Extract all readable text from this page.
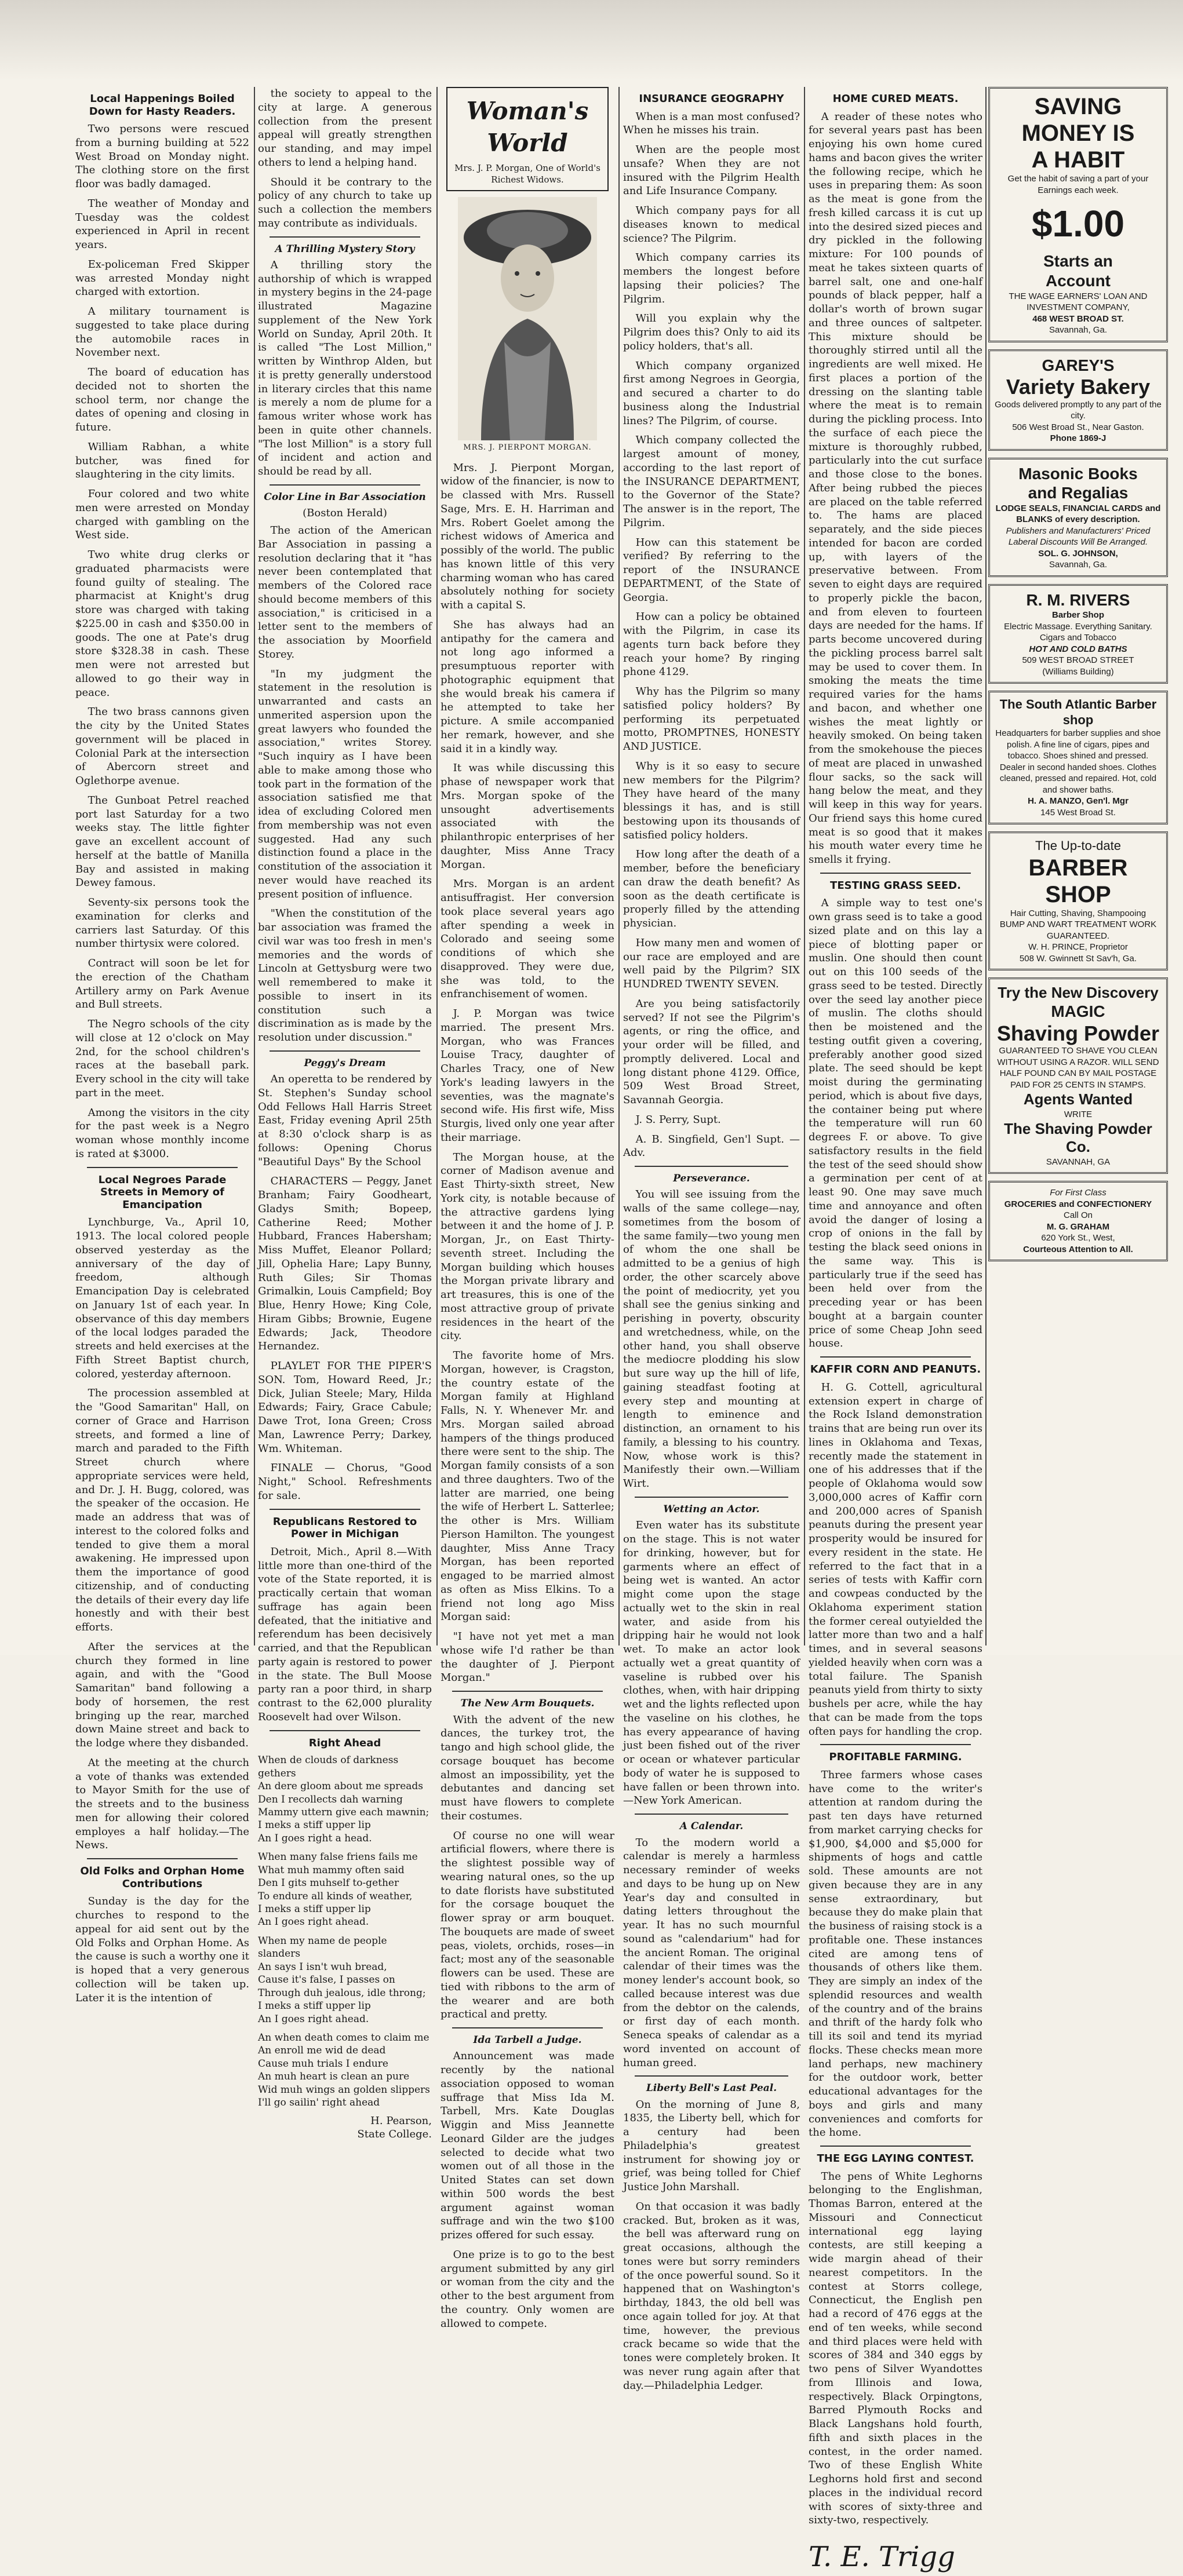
Local Happenings Boiled Down for Hasty Readers.

Two persons were rescued from a burning building at 522 West Broad on Monday night. The clothing store on the first floor was badly damaged.

The weather of Monday and Tuesday was the coldest experienced in April in recent years.

Ex-policeman Fred Skipper was arrested Monday night charged with extortion.

A military tournament is suggested to take place during the automobile races in November next.

The board of education has decided not to shorten the school term, nor change the dates of opening and closing in future.

William Rabhan, a white butcher, was fined for slaughtering in the city limits.

Four colored and two white men were arrested on Monday charged with gambling on the West side.

Two white drug clerks or graduated pharmacists were found guilty of stealing. The pharmacist at Knight's drug store was charged with taking $225.00 in cash and $350.00 in goods. The one at Pate's drug store $328.38 in cash. These men were not arrested but allowed to go their way in peace.

The two brass cannons given the city by the United States government will be placed in Colonial Park at the intersection of Abercorn street and Oglethorpe avenue.

The Gunboat Petrel reached port last Saturday for a two weeks stay. The little fighter gave an excellent account of herself at the battle of Manilla Bay and assisted in making Dewey famous.

Seventy-six persons took the examination for clerks and carriers last Saturday. Of this number thirtysix were colored.

Contract will soon be let for the erection of the Chatham Artillery army on Park Avenue and Bull streets.

The Negro schools of the city will close at 12 o'clock on May 2nd, for the school children's races at the baseball park. Every school in the city will take part in the meet.

Among the visitors in the city for the past week is a Negro woman whose monthly income is rated at $3000.

Local Negroes Parade Streets in Memory of Emancipation

Lynchburge, Va., April 10, 1913. The local colored people observed yesterday as the anniversary of the day of freedom, although Emancipation Day is celebrated on January 1st of each year. In observance of this day members of the local lodges paraded the streets and held exercises at the Fifth Street Baptist church, colored, yesterday afternoon.

The procession assembled at the "Good Samaritan" Hall, on corner of Grace and Harrison streets, and formed a line of march and paraded to the Fifth Street church where appropriate services were held, and Dr. J. H. Bugg, colored, was the speaker of the occasion. He made an address that was of interest to the colored folks and tended to give them a moral awakening. He impressed upon them the importance of good citizenship, and of conducting the details of their every day life honestly and with their best efforts.

After the services at the church they formed in line again, and with the "Good Samaritan" band following a body of horsemen, the rest bringing up the rear, marched down Maine street and back to the lodge where they disbanded.

At the meeting at the church a vote of thanks was extended to Mayor Smith for the use of the streets and to the business men for allowing their colored employes a half holiday.—The News.

Old Folks and Orphan Home Contributions

Sunday is the day for the churches to respond to the appeal for aid sent out by the Old Folks and Orphan Home. As the cause is such a worthy one it is hoped that a very generous collection will be taken up. Later it is the intention of

the society to appeal to the city at large. A generous collection from the present appeal will greatly strengthen our standing, and may impel others to lend a helping hand.

Should it be contrary to the policy of any church to take up such a collection the members may contribute as individuals.

A Thrilling Mystery Story

A thrilling story the authorship of which is wrapped in mystery begins in the 24-page illustrated Magazine supplement of the New York World on Sunday, April 20th. It is called "The Lost Million," written by Winthrop Alden, but it is pretty generally understood in literary circles that this name is merely a nom de plume for a famous writer whose work has been in quite other channels. "The lost Million" is a story full of incident and action and should be read by all.

Color Line in Bar Association
(Boston Herald)

The action of the American Bar Association in passing a resolution declaring that it "has never been contemplated that members of the Colored race should become members of this association," is criticised in a letter sent to the members of the association by Moorfield Storey.

"In my judgment the statement in the resolution is unwarranted and casts an unmerited aspersion upon the great lawyers who founded the association," writes Storey. "Such inquiry as I have been able to make among those who took part in the formation of the association satisfied me that idea of excluding Colored men from membership was not even suggested. Had any such distinction found a place in the constitution of the association it never would have reached its present position of influence.

"When the constitution of the bar association was framed the civil war was too fresh in men's memories and the words of Lincoln at Gettysburg were two well remembered to make it possible to insert in its constitution such a discrimination as is made by the resolution under discussion."

Peggy's Dream

An operetta to be rendered by St. Stephen's Sunday school Odd Fellows Hall Harris Street East, Friday evening April 25th at 8:30 o'clock sharp is as follows: Opening Chorus "Beautiful Days" By the School

CHARACTERS — Peggy, Janet Branham; Fairy Goodheart, Gladys Smith; Bopeep, Catherine Reed; Mother Hubbard, Frances Habersham; Miss Muffet, Eleanor Pollard; Jill, Ophelia Hare; Lapy Bunny, Ruth Giles; Sir Thomas Grimalkin, Louis Campfield; Boy Blue, Henry Howe; King Cole, Hiram Gibbs; Brownie, Eugene Edwards; Jack, Theodore Hernandez.

PLAYLET FOR THE PIPER'S SON. Tom, Howard Reed, Jr.; Dick, Julian Steele; Mary, Hilda Edwards; Fairy, Grace Cabule; Dawe Trot, Iona Green; Cross Man, Lawrence Perry; Darkey, Wm. Whiteman.

FINALE — Chorus, "Good Night," School. Refreshments for sale.

Republicans Restored to Power in Michigan

Detroit, Mich., April 8.—With little more than one-third of the vote of the State reported, it is practically certain that woman suffrage has again been defeated, that the initiative and referendum has been decisively carried, and that the Republican party again is restored to power in the state. The Bull Moose party ran a poor third, in sharp contrast to the 62,000 plurality Roosevelt had over Wilson.

Right Ahead
When de clouds of darkness gethers
An dere gloom about me spreads
Den I recollects dah warning
Mammy uttern give each mawnin;
I meks a stiff upper lip
An I goes right a head.
When many false friens fails me
What muh mammy often said
Den I gits muhself to-gether
To endure all kinds of weather,
I meks a stiff upper lip
An I goes right ahead.
When my name de people slanders
An says I isn't wuh bread,
Cause it's false, I passes on
Through duh jealous, idle throng;
I meks a stiff upper lip
An I goes right ahead.
An when death comes to claim me
An enroll me wid de dead
Cause muh trials I endure
An muh heart is clean an pure
Wid muh wings an golden slippers
I'll go sailin' right ahead
H. Pearson,
State College.
Woman's World
Mrs. J. P. Morgan, One of World's Richest Widows.
MRS. J. PIERPONT MORGAN.

Mrs. J. Pierpont Morgan, widow of the financier, is now to be classed with Mrs. Russell Sage, Mrs. E. H. Harriman and Mrs. Robert Goelet among the richest widows of America and possibly of the world. The public has known little of this very charming woman who has cared absolutely nothing for society with a capital S.

She has always had an antipathy for the camera and not long ago informed a presumptuous reporter with photographic equipment that she would break his camera if he attempted to take her picture. A smile accompanied her remark, however, and she said it in a kindly way.

It was while discussing this phase of newspaper work that Mrs. Morgan spoke of the unsought advertisements associated with the philanthropic enterprises of her daughter, Miss Anne Tracy Morgan.

Mrs. Morgan is an ardent antisuffragist. Her conversion took place several years ago after spending a week in Colorado and seeing some conditions of which she disapproved. They were due, she was told, to the enfranchisement of women.

J. P. Morgan was twice married. The present Mrs. Morgan, who was Frances Louise Tracy, daughter of Charles Tracy, one of New York's leading lawyers in the seventies, was the magnate's second wife. His first wife, Miss Sturgis, lived only one year after their marriage.

The Morgan house, at the corner of Madison avenue and East Thirty-sixth street, New York city, is notable because of the attractive gardens lying between it and the home of J. P. Morgan, Jr., on East Thirty-seventh street. Including the Morgan building which houses the Morgan private library and art treasures, this is one of the most attractive group of private residences in the heart of the city.

The favorite home of Mrs. Morgan, however, is Cragston, the country estate of the Morgan family at Highland Falls, N. Y. Whenever Mr. and Mrs. Morgan sailed abroad hampers of the things produced there were sent to the ship. The Morgan family consists of a son and three daughters. Two of the latter are married, one being the wife of Herbert L. Satterlee; the other is Mrs. William Pierson Hamilton. The youngest daughter, Miss Anne Tracy Morgan, has been reported engaged to be married almost as often as Miss Elkins. To a friend not long ago Miss Morgan said:

"I have not yet met a man whose wife I'd rather be than the daughter of J. Pierpont Morgan."

The New Arm Bouquets.

With the advent of the new dances, the turkey trot, the tango and high school glide, the corsage bouquet has become almost an impossibility, yet the debutantes and dancing set must have flowers to complete their costumes.

Of course no one will wear artificial flowers, where there is the slightest possible way of wearing natural ones, so the up to date florists have substituted for the corsage bouquet the flower spray or arm bouquet. The bouquets are made of sweet peas, violets, orchids, roses—in fact; most any of the seasonable flowers can be used. These are tied with ribbons to the arm of the wearer and are both practical and pretty.

Ida Tarbell a Judge.

Announcement was made recently by the national association opposed to woman suffrage that Miss Ida M. Tarbell, Mrs. Kate Douglas Wiggin and Miss Jeannette Leonard Gilder are the judges selected to decide what two women out of all those in the United States can set down within 500 words the best argument against woman suffrage and win the two $100 prizes offered for such essay.

One prize is to go to the best argument submitted by any girl or woman from the city and the other to the best argument from the country. Only women are allowed to compete.

INSURANCE GEOGRAPHY

When is a man most confused? When he misses his train.

When are the people most unsafe? When they are not insured with the Pilgrim Health and Life Insurance Company.

Which company pays for all diseases known to medical science? The Pilgrim.

Which company carries its members the longest before lapsing their policies? The Pilgrim.

Will you explain why the Pilgrim does this? Only to aid its policy holders, that's all.

Which company organized first among Negroes in Georgia, and secured a charter to do business along the Industrial lines? The Pilgrim, of course.

Which company collected the largest amount of money, according to the last report of the INSURANCE DEPARTMENT, to the Governor of the State? The answer is in the report, The Pilgrim.

How can this statement be verified? By referring to the report of the INSURANCE DEPARTMENT, of the State of Georgia.

How can a policy be obtained with the Pilgrim, in case its agents turn back before they reach your home? By ringing phone 4129.

Why has the Pilgrim so many satisfied policy holders? By performing its perpetuated motto, PROMPTNES, HONESTY AND JUSTICE.

Why is it so easy to secure new members for the Pilgrim? They have heard of the many blessings it has, and is still bestowing upon its thousands of satisfied policy holders.

How long after the death of a member, before the beneficiary can draw the death benefit? As soon as the death certificate is properly filled by the attending physician.

How many men and women of our race are employed and are well paid by the Pilgrim? SIX HUNDRED TWENTY SEVEN.

Are you being satisfactorily served? If not see the Pilgrim's agents, or ring the office, and your order will be filled, and promptly delivered. Local and long distant phone 4129. Office, 509 West Broad Street, Savannah Georgia.

J. S. Perry, Supt.

A. B. Singfield, Gen'l Supt. —Adv.

Perseverance.

You will see issuing from the walls of the same college—nay, sometimes from the bosom of the same family—two young men of whom the one shall be admitted to be a genius of high order, the other scarcely above the point of mediocrity, yet you shall see the genius sinking and perishing in poverty, obscurity and wretchedness, while, on the other hand, you shall observe the mediocre plodding his slow but sure way up the hill of life, gaining steadfast footing at every step and mounting at length to eminence and distinction, an ornament to his family, a blessing to his country. Now, whose work is this? Manifestly their own.—William Wirt.

Wetting an Actor.

Even water has its substitute on the stage. This is not water for drinking, however, but for garments where an effect of being wet is wanted. An actor might come upon the stage actually wet to the skin in real water, and aside from his dripping hair he would not look wet. To make an actor look actually wet a great quantity of vaseline is rubbed over his clothes, when, with hair dripping wet and the lights reflected upon the vaseline on his clothes, he has every appearance of having just been fished out of the river or ocean or whatever particular body of water he is supposed to have fallen or been thrown into.—New York American.

A Calendar.

To the modern world a calendar is merely a harmless necessary reminder of weeks and days to be hung up on New Year's day and consulted in dating letters throughout the year. It has no such mournful sound as "calendarium" had for the ancient Roman. The original calendar of their times was the money lender's account book, so called because interest was due from the debtor on the calends, or first day of each month. Seneca speaks of calendar as a word invented on account of human greed.

Liberty Bell's Last Peal.

On the morning of June 8, 1835, the Liberty bell, which for a century had been Philadelphia's greatest instrument for showing joy or grief, was being tolled for Chief Justice John Marshall.

On that occasion it was badly cracked. But, broken as it was, the bell was afterward rung on great occasions, although the tones were but sorry reminders of the once powerful sound. So it happened that on Washington's birthday, 1843, the old bell was once again tolled for joy. At that time, however, the previous crack became so wide that the tones were completely broken. It was never rung again after that day.—Philadelphia Ledger.

HOME CURED MEATS.

A reader of these notes who for several years past has been enjoying his own home cured hams and bacon gives the writer the following recipe, which he uses in preparing them: As soon as the meat is gone from the fresh killed carcass it is cut up into the desired sized pieces and dry pickled in the following mixture: For 100 pounds of meat he takes sixteen quarts of barrel salt, one and one-half pounds of black pepper, half a dollar's worth of brown sugar and three ounces of saltpeter. This mixture should be thoroughly stirred until all the ingredients are well mixed. He first places a portion of the dressing on the slanting table where the meat is to remain during the pickling process. Into the surface of each piece the mixture is thoroughly rubbed, particularly into the cut surface and those close to the bones. After being rubbed the pieces are placed on the table referred to. The hams are placed separately, and the side pieces intended for bacon are corded up, with layers of the preservative between. From seven to eight days are required to properly pickle the bacon, and from eleven to fourteen days are needed for the hams. If parts become uncovered during the pickling process barrel salt may be used to cover them. In smoking the meats the time required varies for the hams and bacon, and whether one wishes the meat lightly or heavily smoked. On being taken from the smokehouse the pieces of meat are placed in unwashed flour sacks, so the sack will hang below the meat, and they will keep in this way for years. Our friend says this home cured meat is so good that it makes his mouth water every time he smells it frying.

TESTING GRASS SEED.

A simple way to test one's own grass seed is to take a good sized plate and on this lay a piece of blotting paper or muslin. One should then count out on this 100 seeds of the grass seed to be tested. Directly over the seed lay another piece of muslin. The cloths should then be moistened and the testing outfit given a covering, preferably another good sized plate. The seed should be kept moist during the germinating period, which is about five days, the container being put where the temperature will run 60 degrees F. or above. To give satisfactory results in the field the test of the seed should show a germination per cent of at least 90. One may save much time and annoyance and often avoid the danger of losing a crop of onions in the fall by testing the black seed onions in the same way. This is particularly true if the seed has been held over from the preceding year or has been bought at a bargain counter price of some Cheap John seed house.

KAFFIR CORN AND PEANUTS.

H. G. Cottell, agricultural extension expert in charge of the Rock Island demonstration trains that are being run over its lines in Oklahoma and Texas, recently made the statement in one of his addresses that if the people of Oklahoma would sow 3,000,000 acres of Kaffir corn and 200,000 acres of Spanish peanuts during the present year prosperity would be insured for every resident in the state. He referred to the fact that in a series of tests with Kaffir corn and cowpeas conducted by the Oklahoma experiment station the former cereal outyielded the latter more than two and a half times, and in several seasons yielded heavily when corn was a total failure. The Spanish peanuts yield from thirty to sixty bushels per acre, while the hay that can be made from the tops often pays for handling the crop.

PROFITABLE FARMING.

Three farmers whose cases have come to the writer's attention at random during the past ten days have returned from market carrying checks for $1,900, $4,000 and $5,000 for shipments of hogs and cattle sold. These amounts are not given because they are in any sense extraordinary, but because they do make plain that the business of raising stock is a profitable one. These instances cited are among tens of thousands of others like them. They are simply an index of the splendid resources and wealth of the country and of the brains and thrift of the hardy folk who till its soil and tend its myriad flocks. These checks mean more land perhaps, new machinery for the outdoor work, better educational advantages for the boys and girls and many conveniences and comforts for the home.

THE EGG LAYING CONTEST.

The pens of White Leghorns belonging to the Englishman, Thomas Barron, entered at the Missouri and Connecticut international egg laying contests, are still keeping a wide margin ahead of their nearest competitors. In the contest at Storrs college, Connecticut, the English pen had a record of 476 eggs at the end of ten weeks, while second and third places were held with scores of 384 and 340 eggs by two pens of Silver Wyandottes from Illinois and Iowa, respectively. Black Orpingtons, Barred Plymouth Rocks and Black Langshans hold fourth, fifth and sixth places in the contest, in the order named. Two of these English White Leghorns hold first and second places in the individual record with scores of sixty-three and sixty-two, respectively.

T. E. Trigg
SAVING
MONEY IS
A HABIT
Get the habit of saving a part of your Earnings each week.
$1.00
Starts an
Account
THE WAGE EARNERS' LOAN AND INVESTMENT COMPANY,
468 WEST BROAD ST.
Savannah, Ga.
GAREY'S
Variety Bakery
Goods delivered promptly to any part of the city.
506 West Broad St., Near Gaston.
Phone 1869-J
Masonic Books
and Regalias
LODGE SEALS, FINANCIAL CARDS and BLANKS of every description.
Publishers and Manufacturers' Priced
Laberal Discounts Will Be Arranged.
SOL. G. JOHNSON,
Savannah, Ga.
R. M. RIVERS
Barber Shop
Electric Massage. Everything Sanitary. Cigars and Tobacco
HOT AND COLD BATHS
509 WEST BROAD STREET
(Williams Building)
The South Atlantic Barber shop
Headquarters for barber supplies and shoe polish. A fine line of cigars, pipes and tobacco. Shoes shined and pressed.
Dealer in second handed shoes. Clothes cleaned, pressed and repaired. Hot, cold and shower baths.
H. A. MANZO, Gen'l. Mgr
145 West Broad St.
The Up-to-date
BARBER SHOP
Hair Cutting, Shaving, Shampooing
BUMP AND WART TREATMENT WORK GUARANTEED.
W. H. PRINCE, Proprietor
508 W. Gwinnett St Sav'h, Ga.
Try the New Discovery
MAGIC
Shaving Powder
GUARANTEED TO SHAVE YOU CLEAN WITHOUT USING A RAZOR. WILL SEND HALF POUND CAN BY MAIL POSTAGE PAID FOR 25 CENTS IN STAMPS.
Agents Wanted
WRITE
The Shaving Powder Co.
SAVANNAH, GA
For First Class
GROCERIES and CONFECTIONERY
Call On
M. G. GRAHAM
620 York St., West,
Courteous Attention to All.
